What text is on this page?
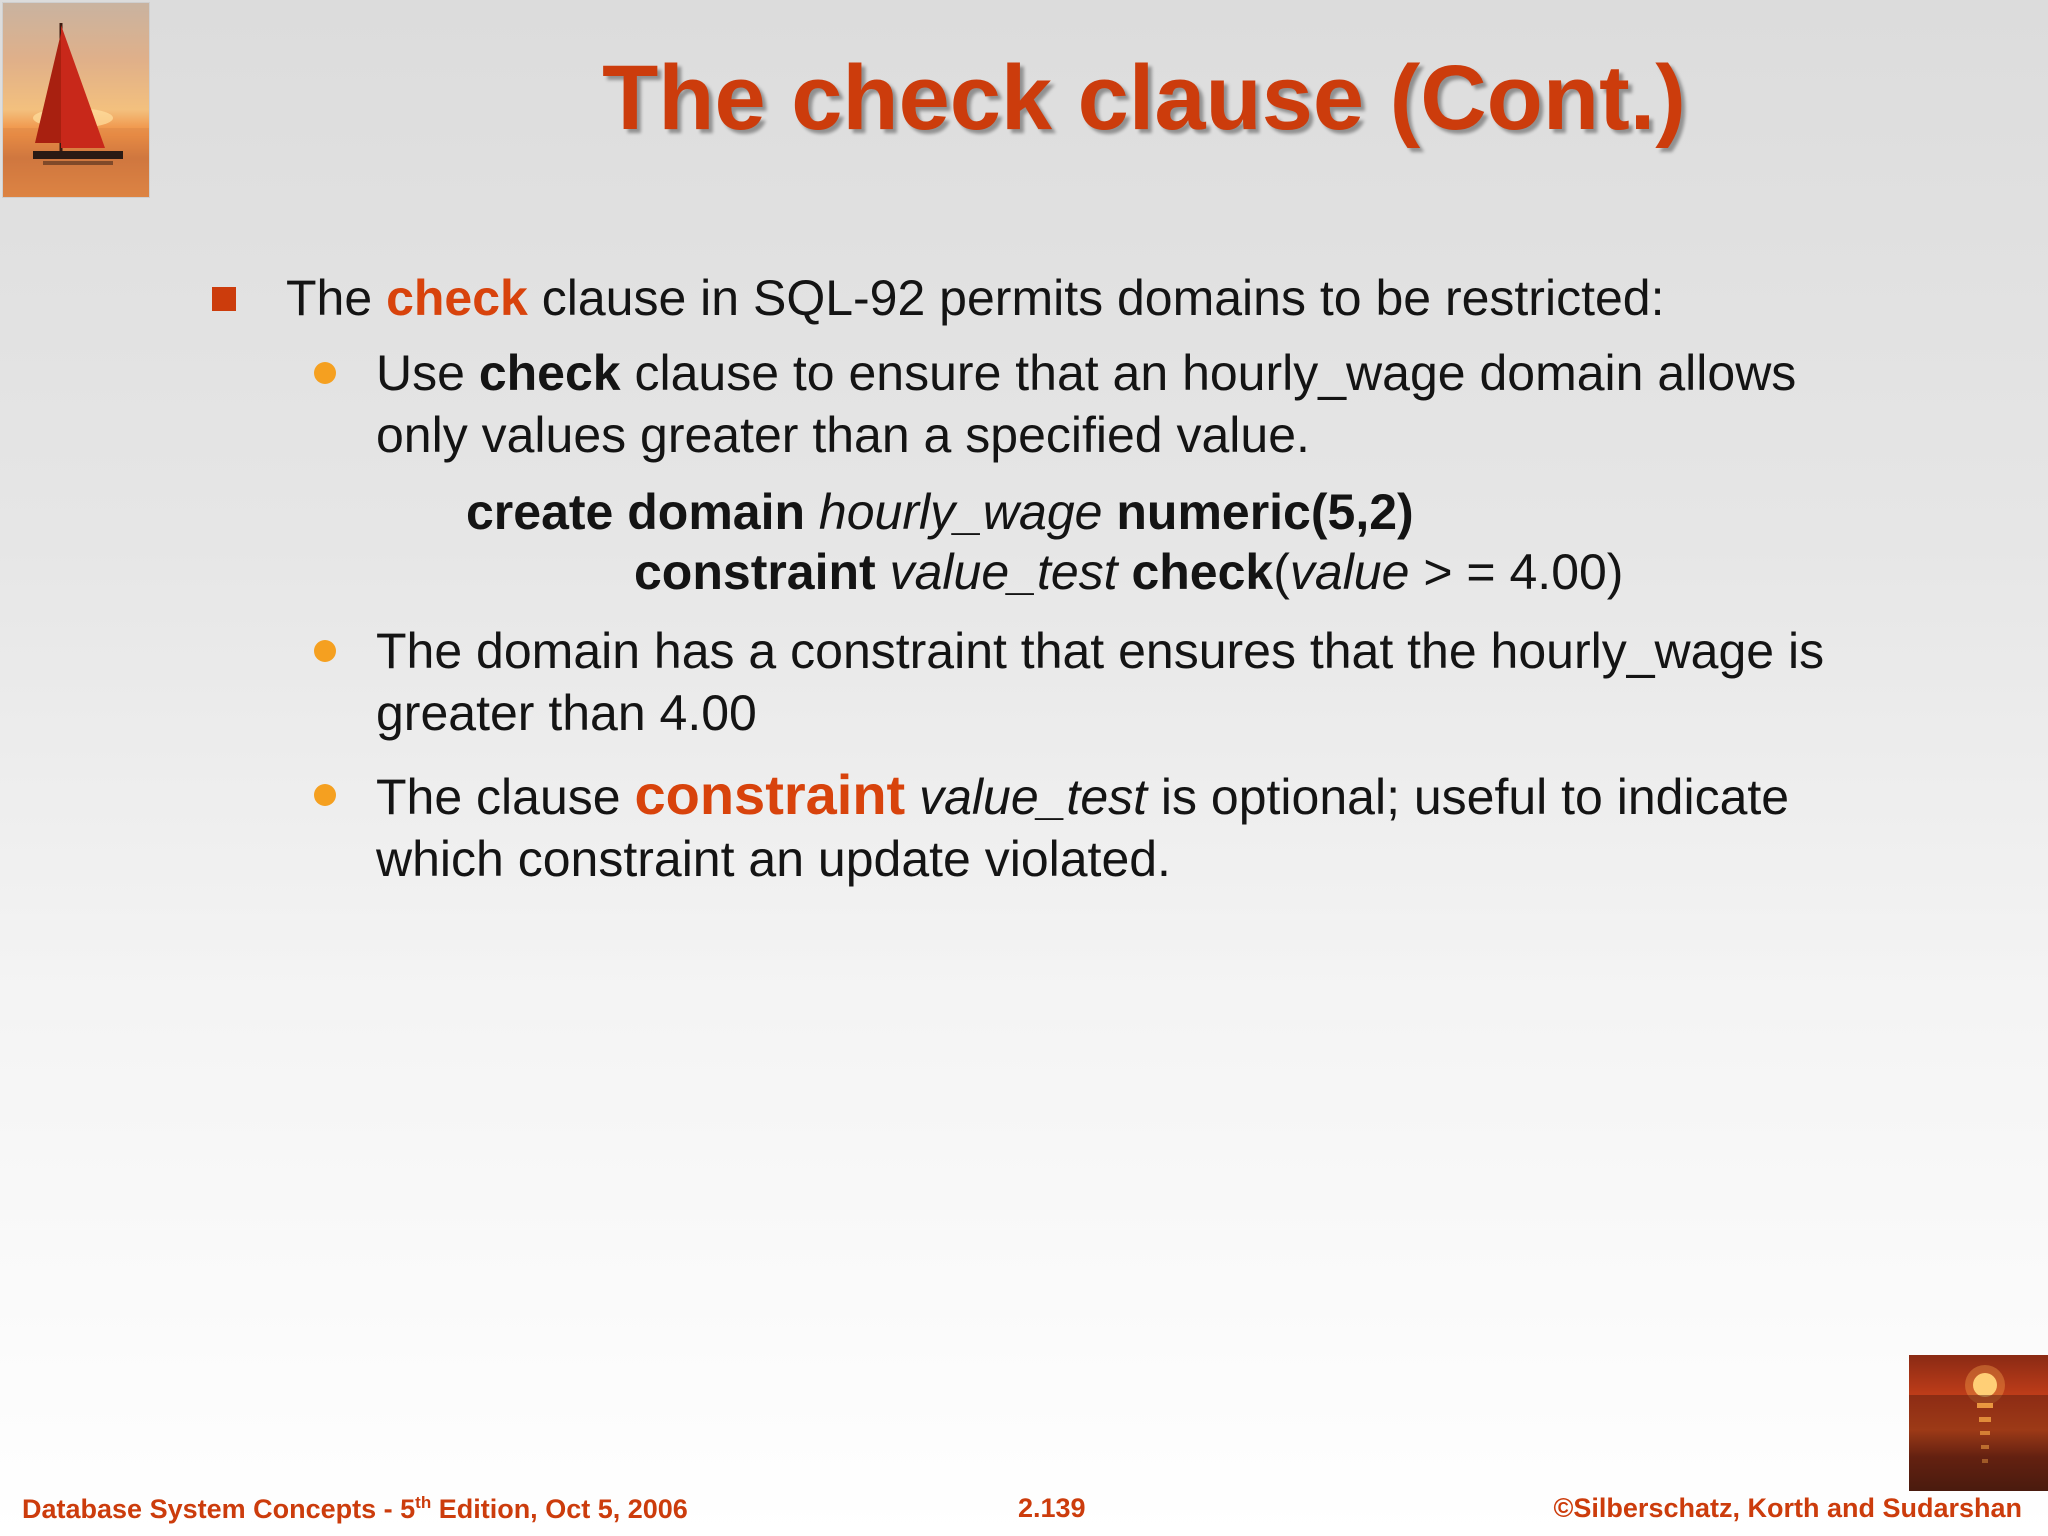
The check clause (Cont.)
The check clause in SQL-92 permits domains to be restricted:
Use check clause to ensure that an hourly_wage domain allows
only values greater than a specified value.
create domain hourly_wage numeric(5,2)
constraint value_test check(value > = 4.00)
The domain has a constraint that ensures that the hourly_wage is
greater than 4.00
The clause constraint value_test is optional; useful to indicate
which constraint an update violated.
Database System Concepts - 5th Edition, Oct 5, 2006	2.139	©Silberschatz, Korth and Sudarshan
